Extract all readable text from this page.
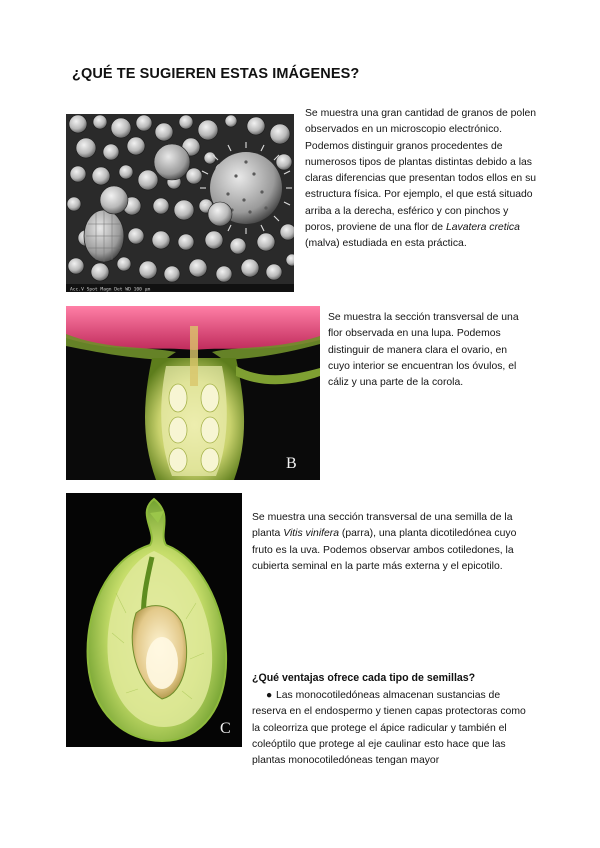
¿QUÉ TE SUGIEREN ESTAS IMÁGENES?
Acc.V Spot Magn Det WD 100 µm

Se muestra una gran cantidad de granos de polen observados en un microscopio electrónico. Podemos distinguir granos procedentes de numerosos tipos de plantas distintas debido a las claras diferencias que presentan todos ellos en su estructura física. Por ejemplo, el que está situado arriba a la derecha, esférico y con pinchos y poros, proviene de una flor de Lavatera cretica (malva) estudiada en esta práctica.

B

Se muestra la sección transversal de una flor observada en una lupa. Podemos distinguir de manera clara el ovario, en cuyo interior se encuentran los óvulos, el cáliz y una parte de la corola.

C

Se muestra una sección transversal de una semilla de la planta Vitis vinifera (parra), una planta dicotiledónea cuyo fruto es la uva. Podemos observar ambos cotiledones, la cubierta seminal en la parte más externa y el epicotilo.

¿Qué ventajas ofrece cada tipo de semillas?
● Las monocotiledóneas almacenan sustancias de reserva en el endospermo y tienen capas protectoras como la coleorriza que protege el ápice radicular y también el coleóptilo que protege al eje caulinar esto hace que las plantas monocotiledóneas tengan mayor
